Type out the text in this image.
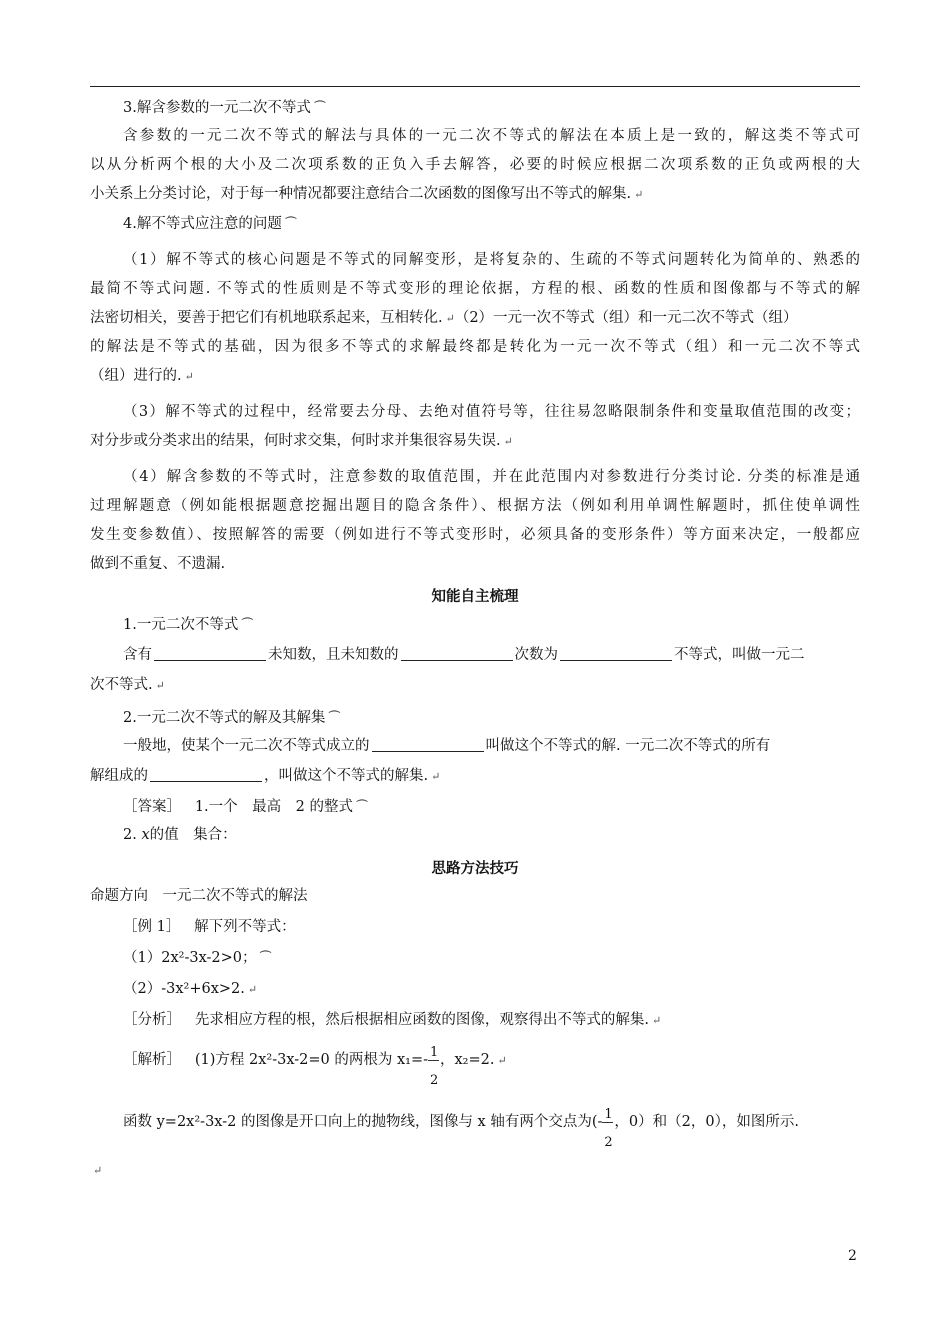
3.解含参数的一元二次不等式 ⏜
含参数的一元二次不等式的解法与具体的一元二次不等式的解法在本质上是一致的，解这类不等式可
以从分析两个根的大小及二次项系数的正负入手去解答，必要的时候应根据二次项系数的正负或两根的大
小关系上分类讨论，对于每一种情况都要注意结合二次函数的图像写出不等式的解集. ↵
4.解不等式应注意的问题 ⏜
（1）解不等式的核心问题是不等式的同解变形，是将复杂的、生疏的不等式问题转化为简单的、熟悉的
最简不等式问题. 不等式的性质则是不等式变形的理论依据，方程的根、函数的性质和图像都与不等式的解
法密切相关，要善于把它们有机地联系起来，互相转化. ↵（2）一元一次不等式（组）和一元二次不等式（组）
的解法是不等式的基础，因为很多不等式的求解最终都是转化为一元一次不等式（组）和一元二次不等式
（组）进行的. ↵
（3）解不等式的过程中，经常要去分母、去绝对值符号等，往往易忽略限制条件和变量取值范围的改变；
对分步或分类求出的结果，何时求交集，何时求并集很容易失误. ↵
（4）解含参数的不等式时，注意参数的取值范围，并在此范围内对参数进行分类讨论. 分类的标准是通
过理解题意（例如能根据题意挖掘出题目的隐含条件）、根据方法（例如利用单调性解题时，抓住使单调性
发生变参数值）、按照解答的需要（例如进行不等式变形时，必须具备的变形条件）等方面来决定，一般都应
做到不重复、不遗漏.
知能自主梳理
1.一元二次不等式 ⏜
含有	未知数，且未知数的	次数为	不等式，叫做一元二
次不等式. ↵
2.一元二次不等式的解及其解集 ⏜
一般地，使某个一元二次不等式成立的	叫做这个不等式的解. 一元二次不等式的所有
解组成的	，叫做这个不等式的解集. ↵
［答案］ 1.一个　最高　2 的整式 ⏜
2. x的值　集合：
思路方法技巧
命题方向　一元二次不等式的解法
［例 1］ 解下列不等式：
（1）2x²-3x-2>0； ⏜
（2）-3x²+6x>2. ↵
［分析］ 先求相应方程的根，然后根据相应函数的图像，观察得出不等式的解集. ↵
［解析］ (1)方程 2x²-3x-2=0 的两根为 $x_1=- \frac{1}{2}$ ，x₂=2. ↵
函数 y=2x²-3x-2 的图像是开口向上的抛物线，图像与 x 轴有两个交点为(- $\frac{1}{2}$ ，0）和（2，0），如图所示.
↵
2
